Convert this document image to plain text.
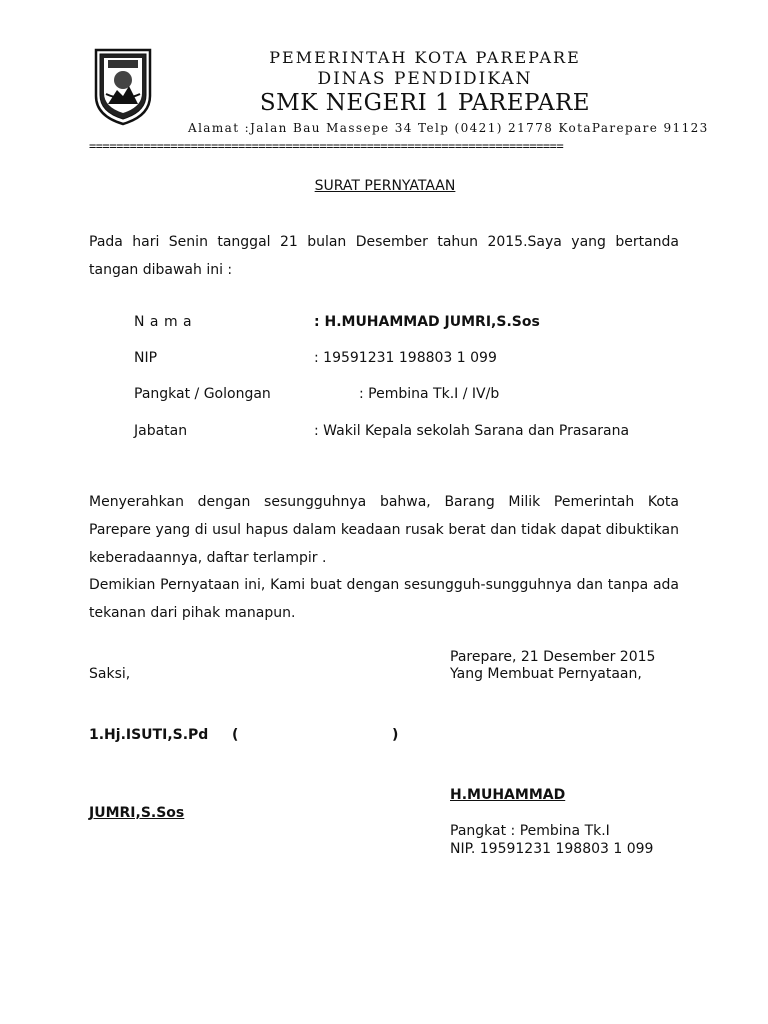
PEMERINTAH KOTA PAREPARE
DINAS PENDIDIKAN
SMK NEGERI 1 PAREPARE
Alamat :Jalan Bau Massepe 34 Telp (0421) 21778 KotaParepare 91123
======================================================================
SURAT PERNYATAAN
Pada hari Senin tanggal 21 bulan Desember tahun 2015.Saya yang bertanda tangan dibawah ini :
N a m a	: H.MUHAMMAD JUMRI,S.Sos
NIP	: 19591231 198803 1 099
Pangkat / Golongan	: Pembina Tk.I / IV/b
Jabatan	: Wakil Kepala sekolah Sarana dan Prasarana
Menyerahkan dengan sesungguhnya bahwa, Barang Milik Pemerintah Kota Parepare yang di usul hapus dalam keadaan rusak berat dan tidak dapat dibuktikan keberadaannya, daftar terlampir .
Demikian Pernyataan ini, Kami buat dengan sesungguh-sungguhnya dan tanpa ada tekanan dari pihak manapun.
Parepare, 21 Desember 2015
Saksi,	Yang Membuat Pernyataan,
1.Hj.ISUTI,S.Pd (	)
H.MUHAMMAD
JUMRI,S.Sos
Pangkat : Pembina Tk.I
NIP. 19591231 198803 1 099
